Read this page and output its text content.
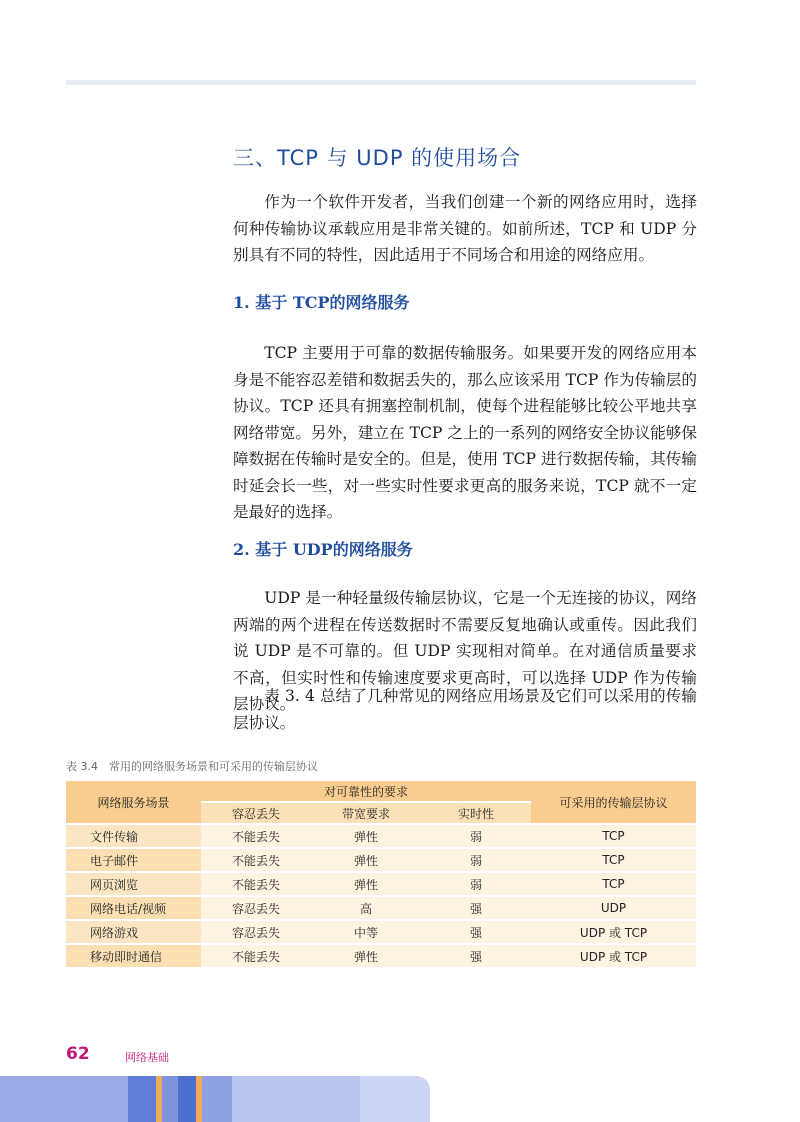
三、TCP 与 UDP 的使用场合

作为一个软件开发者，当我们创建一个新的网络应用时，选择何种传输协议承载应用是非常关键的。如前所述，TCP 和 UDP 分别具有不同的特性，因此适用于不同场合和用途的网络应用。

1. 基于 TCP的网络服务

TCP 主要用于可靠的数据传输服务。如果要开发的网络应用本身是不能容忍差错和数据丢失的，那么应该采用 TCP 作为传输层的协议。TCP 还具有拥塞控制机制，使每个进程能够比较公平地共享网络带宽。另外，建立在 TCP 之上的一系列的网络安全协议能够保障数据在传输时是安全的。但是，使用 TCP 进行数据传输，其传输时延会长一些，对一些实时性要求更高的服务来说，TCP 就不一定是最好的选择。

2. 基于 UDP的网络服务

UDP 是一种轻量级传输层协议，它是一个无连接的协议，网络两端的两个进程在传送数据时不需要反复地确认或重传。因此我们说 UDP 是不可靠的。但 UDP 实现相对简单。在对通信质量要求不高，但实时性和传输速度要求更高时，可以选择 UDP 作为传输层协议。

表 3. 4 总结了几种常见的网络应用场景及它们可以采用的传输层协议。

表 3.4　常用的网络服务场景和可采用的传输层协议
网络服务场景	对可靠性的要求			可采用的传输层协议
	容忍丢失	带宽要求	实时性	
文件传输	不能丢失	弹性	弱	TCP
电子邮件	不能丢失	弹性	弱	TCP
网页浏览	不能丢失	弹性	弱	TCP
网络电话/视频	容忍丢失	高	强	UDP
网络游戏	容忍丢失	中等	强	UDP 或 TCP
移动即时通信	不能丢失	弹性	强	UDP 或 TCP
62	网络基础
